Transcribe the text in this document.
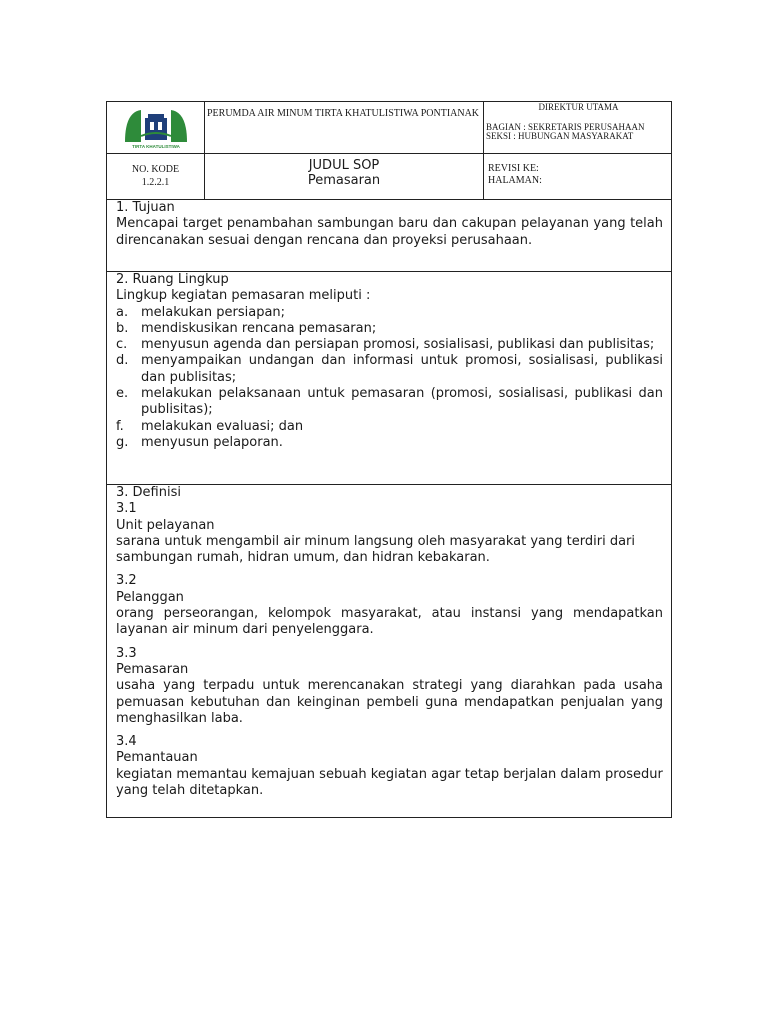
TIRTA KHATULISTIWA
PERUMDA AIR MINUM TIRTA KHATULISTIWA PONTIANAK
DIREKTUR UTAMA
BAGIAN : SEKRETARIS PERUSAHAAN
SEKSI : HUBUNGAN MASYARAKAT
NO. KODE
1.2.2.1
JUDUL SOP
Pemasaran
REVISI KE:
HALAMAN:

1. Tujuan

Mencapai target penambahan sambungan baru dan cakupan pelayanan yang telah direncanakan sesuai dengan rencana dan proyeksi perusahaan.

2. Ruang Lingkup

Lingkup kegiatan pemasaran meliputi :

a. melakukan persiapan;
b. mendiskusikan rencana pemasaran;
c.	menyusun agenda dan persiapan promosi, sosialisasi, publikasi dan publisitas;
d. menyampaikan undangan dan informasi untuk promosi, sosialisasi, publikasi dan publisitas;
e. melakukan pelaksanaan untuk pemasaran (promosi, sosialisasi, publikasi dan publisitas);
f.	melakukan evaluasi; dan
g. menyusun pelaporan.

3. Definisi

3.1

Unit pelayanan

sarana untuk mengambil air minum langsung oleh masyarakat yang terdiri dari sambungan rumah, hidran umum, dan hidran kebakaran.

3.2

Pelanggan

orang perseorangan, kelompok masyarakat, atau instansi yang mendapatkan layanan air minum dari penyelenggara.

3.3

Pemasaran

usaha yang terpadu untuk merencanakan strategi yang diarahkan pada usaha pemuasan kebutuhan dan keinginan pembeli guna mendapatkan penjualan yang menghasilkan laba.

3.4

Pemantauan

kegiatan memantau kemajuan sebuah kegiatan agar tetap berjalan dalam prosedur yang telah ditetapkan.
